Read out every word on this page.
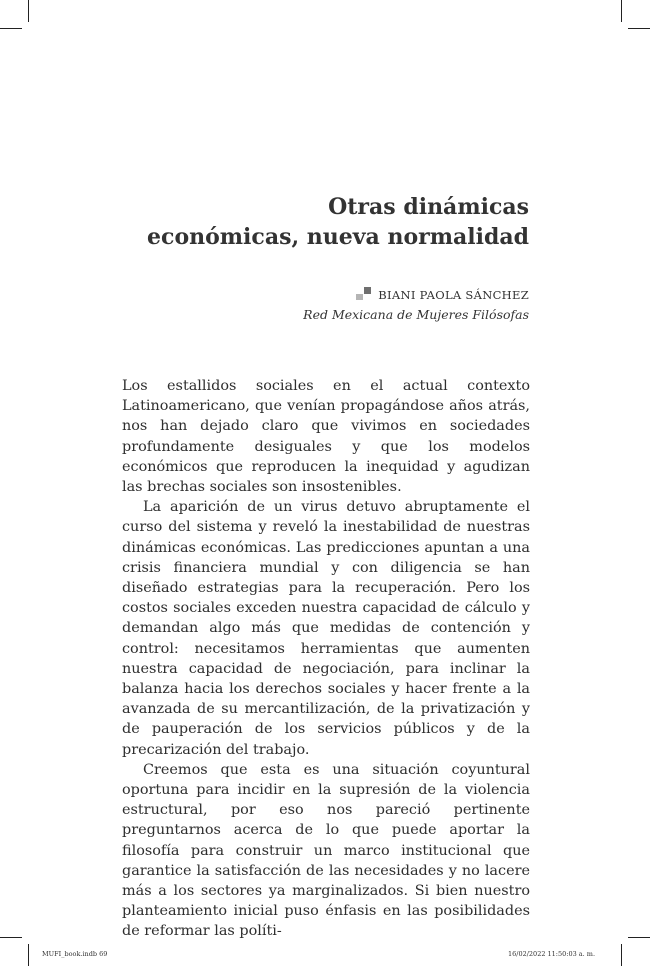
Otras dinámicas
económicas, nueva normalidad
BIANI PAOLA SÁNCHEZ
Red Mexicana de Mujeres Filósofas

Los estallidos sociales en el actual contexto Latinoamericano, que venían propagándose años atrás, nos han dejado claro que vivimos en sociedades profundamente desiguales y que los modelos económicos que reproducen la inequidad y agudizan las brechas sociales son insostenibles.

La aparición de un virus detuvo abruptamente el curso del sistema y reveló la inestabilidad de nuestras dinámicas económicas. Las predicciones apuntan a una crisis financiera mundial y con diligencia se han diseñado estrategias para la recuperación. Pero los costos sociales exceden nuestra capacidad de cálculo y demandan algo más que medidas de contención y control: necesitamos herramientas que aumenten nuestra capacidad de negociación, para inclinar la balanza hacia los derechos sociales y hacer frente a la avanzada de su mercantilización, de la privatización y de pauperación de los servicios públicos y de la precarización del trabajo.

Creemos que esta es una situación coyuntural oportuna para incidir en la supresión de la violencia estructural, por eso nos pareció pertinente preguntarnos acerca de lo que puede aportar la filosofía para construir un marco institucional que garantice la satisfacción de las necesidades y no lacere más a los sectores ya marginalizados. Si bien nuestro planteamiento inicial puso énfasis en las posibilidades de reformar las políti-

MUFI_book.indb 69	16/02/2022 11:50:03 a. m.
